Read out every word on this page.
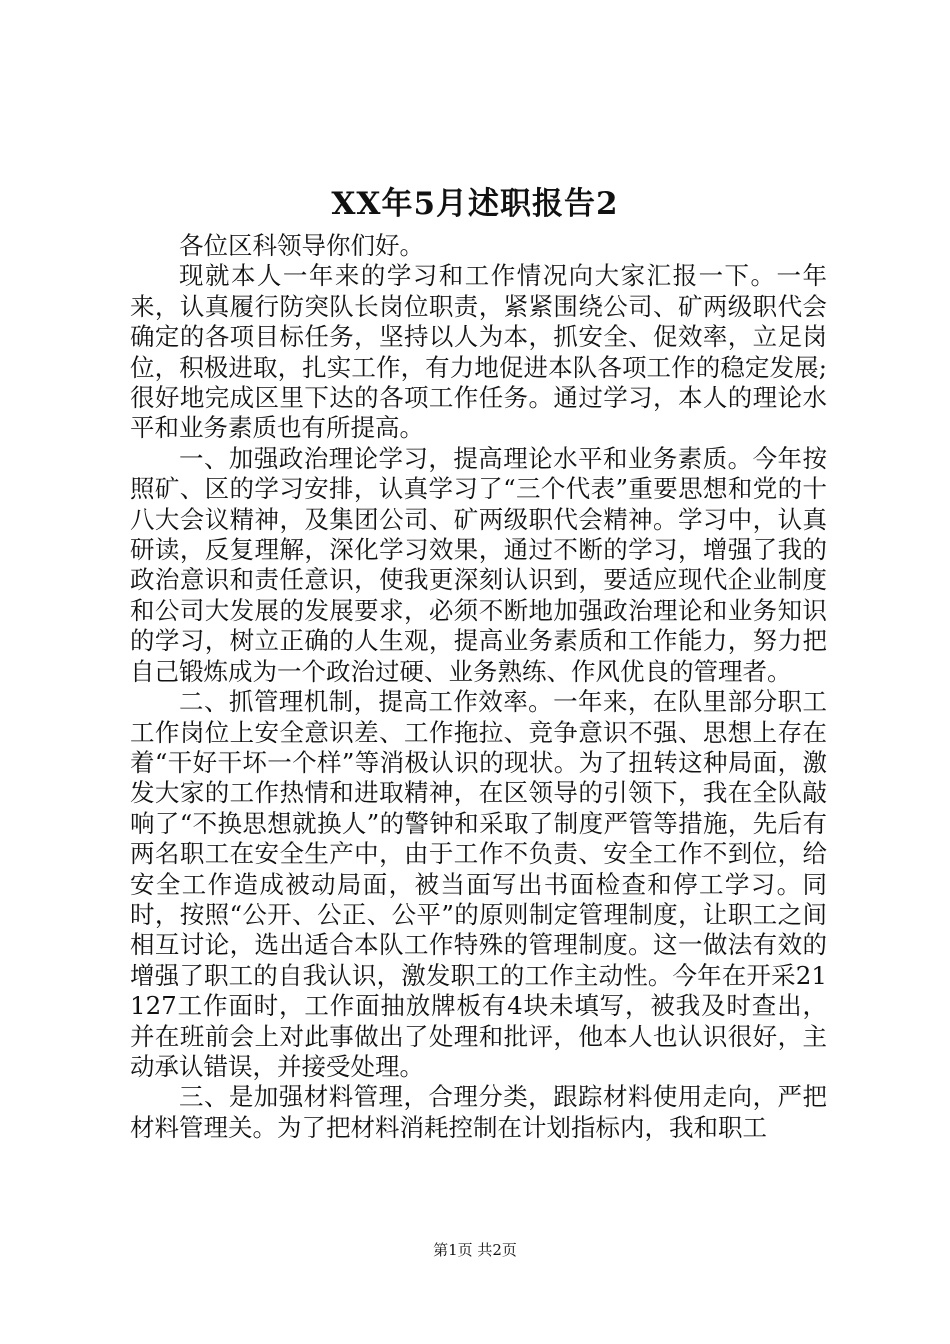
XX年5月述职报告2

各位区科领导你们好。

现就本人一年来的学习和工作情况向大家汇报一下。一年来，认真履行防突队长岗位职责，紧紧围绕公司、矿两级职代会确定的各项目标任务，坚持以人为本，抓安全、促效率，立足岗位，积极进取，扎实工作，有力地促进本队各项工作的稳定发展;很好地完成区里下达的各项工作任务。通过学习，本人的理论水平和业务素质也有所提高。

一、加强政治理论学习，提高理论水平和业务素质。今年按照矿、区的学习安排，认真学习了“三个代表”重要思想和党的十八大会议精神，及集团公司、矿两级职代会精神。学习中，认真研读，反复理解，深化学习效果，通过不断的学习，增强了我的政治意识和责任意识，使我更深刻认识到，要适应现代企业制度和公司大发展的发展要求，必须不断地加强政治理论和业务知识的学习，树立正确的人生观，提高业务素质和工作能力，努力把自己锻炼成为一个政治过硬、业务熟练、作风优良的管理者。

二、抓管理机制，提高工作效率。一年来，在队里部分职工工作岗位上安全意识差、工作拖拉、竞争意识不强、思想上存在着“干好干坏一个样”等消极认识的现状。为了扭转这种局面，激发大家的工作热情和进取精神，在区领导的引领下，我在全队敲响了“不换思想就换人”的警钟和采取了制度严管等措施，先后有两名职工在安全生产中，由于工作不负责、安全工作不到位，给安全工作造成被动局面，被当面写出书面检查和停工学习。同时，按照“公开、公正、公平”的原则制定管理制度，让职工之间相互讨论，选出适合本队工作特殊的管理制度。这一做法有效的增强了职工的自我认识，激发职工的工作主动性。今年在开采21127工作面时，工作面抽放牌板有4块未填写，被我及时查出，并在班前会上对此事做出了处理和批评，他本人也认识很好，主动承认错误，并接受处理。

三、是加强材料管理，合理分类，跟踪材料使用走向，严把材料管理关。为了把材料消耗控制在计划指标内，我和职工

第1页 共2页
